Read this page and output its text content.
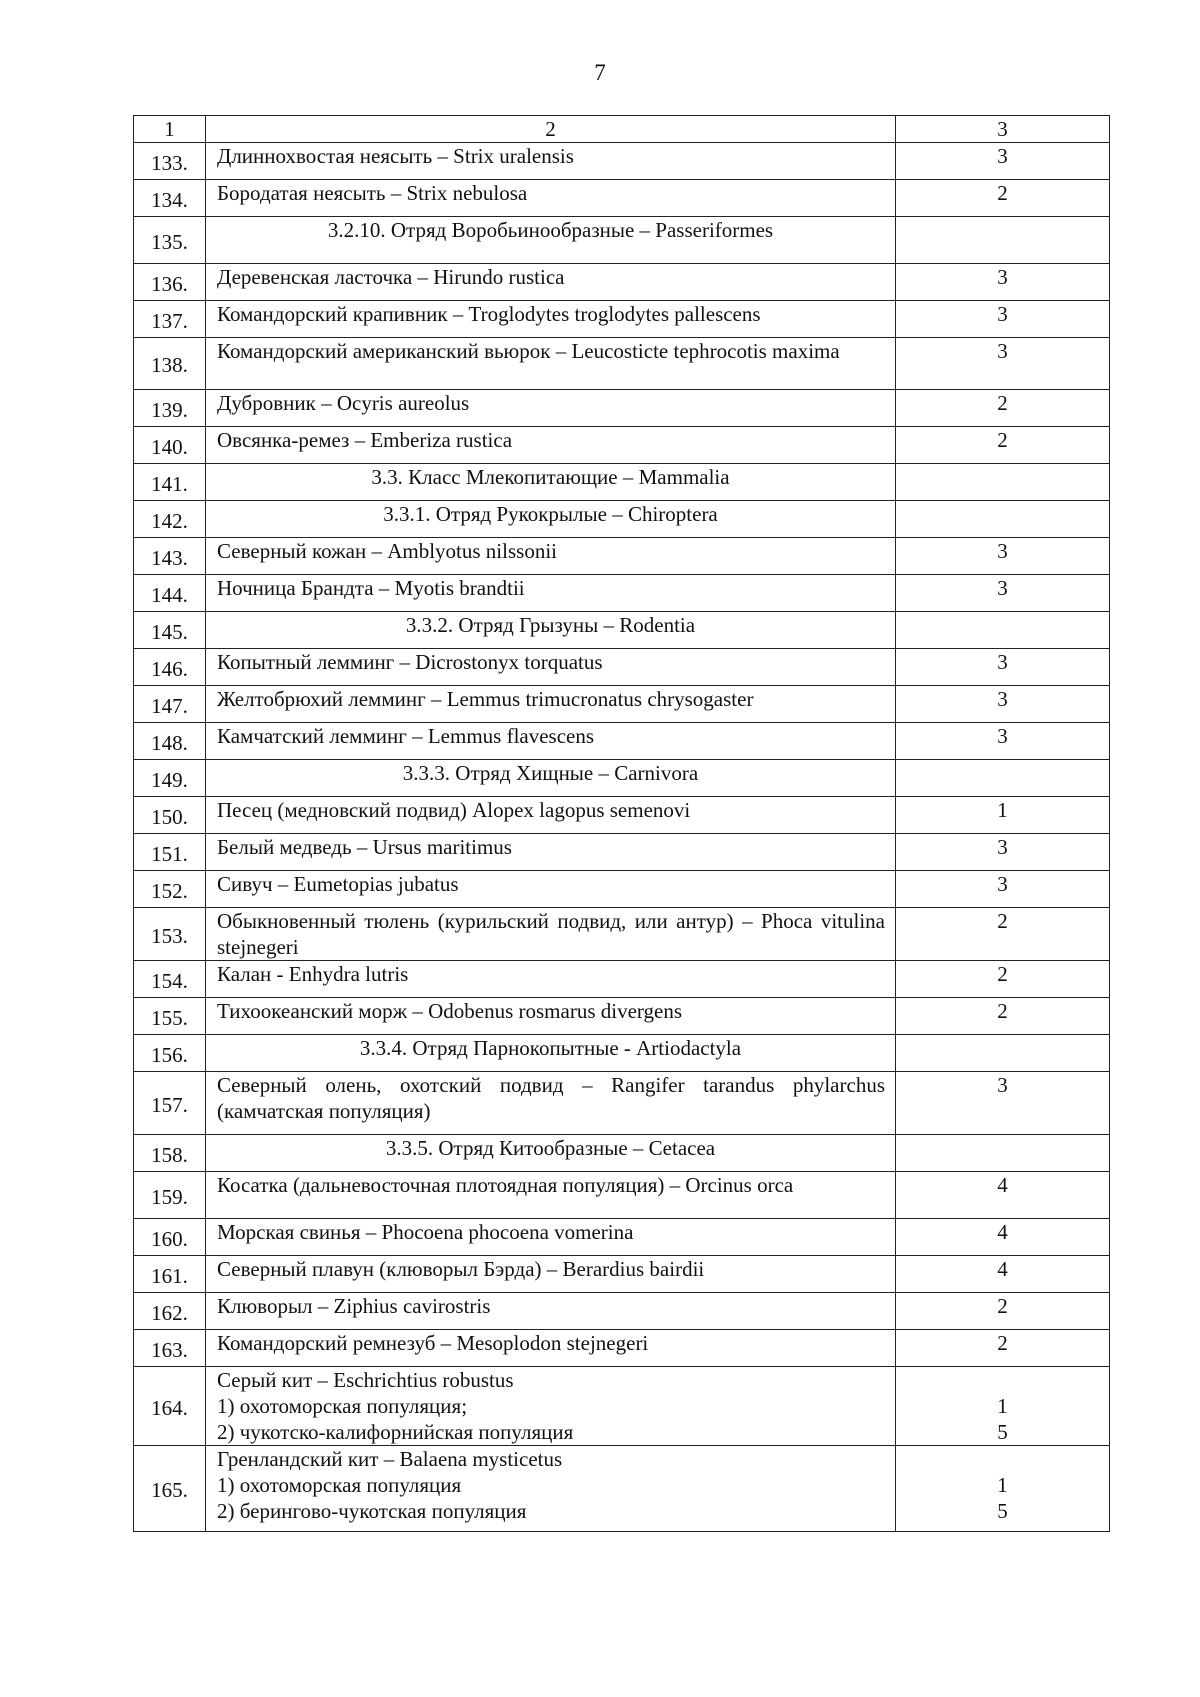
7
1	2	3
133.	Длиннохвостая неясыть – Strix uralensis	3
134.	Бородатая неясыть – Strix nebulosa	2
135.	3.2.10. Отряд Воробьинообразные – Passeriformes	
136.	Деревенская ласточка – Hirundo rustica	3
137.	Командорский крапивник – Troglodytes troglodytes pallescens	3
138.	Командорский американский вьюрок – Leucosticte tephrocotis maxima	3
139.	Дубровник – Ocyris aureolus	2
140.	Овсянка-ремез – Emberiza rustica	2
141.	3.3. Класс Млекопитающие – Mammalia	
142.	3.3.1. Отряд Рукокрылые – Chiroptera	
143.	Северный кожан – Amblyotus nilssonii	3
144.	Ночница Брандта – Myotis brandtii	3
145.	3.3.2. Отряд Грызуны – Rodentia	
146.	Копытный лемминг – Dicrostonyx torquatus	3
147.	Желтобрюхий лемминг – Lemmus trimucronatus chrysogaster	3
148.	Камчатский лемминг – Lemmus flavescens	3
149.	3.3.3. Отряд Хищные – Carnivora	
150.	Песец (медновский подвид) Alopex lagopus semenovi	1
151.	Белый медведь – Ursus maritimus	3
152.	Сивуч – Eumetopias jubatus	3
153.	Обыкновенный тюлень (курильский подвид, или антур) – Phoca vitulina stejnegeri	2
154.	Калан - Enhydra lutris	2
155.	Тихоокеанский морж – Odobenus rosmarus divergens	2
156.	3.3.4. Отряд Парнокопытные - Artiodactyla	
157.	Северный олень, охотский подвид – Rangifer tarandus phylarchus (камчатская популяция)	3
158.	3.3.5. Отряд Китообразные – Cetacea	
159.	Косатка (дальневосточная плотоядная популяция) – Orcinus orca	4
160.	Морская свинья – Phocoena phocoena vomerina	4
161.	Северный плавун (клюворыл Бэрда) – Berardius bairdii	4
162.	Клюворыл – Ziphius cavirostris	2
163.	Командорский ремнезуб – Mesoplodon stejnegeri	2
164.	Серый кит – Eschrichtius robustus
1) охотоморская популяция;
2) чукотско-калифорнийская популяция	1
5

165.	Гренландский кит – Balaena mysticetus
1) охотоморская популяция
2) берингово-чукотская популяция	1
5
